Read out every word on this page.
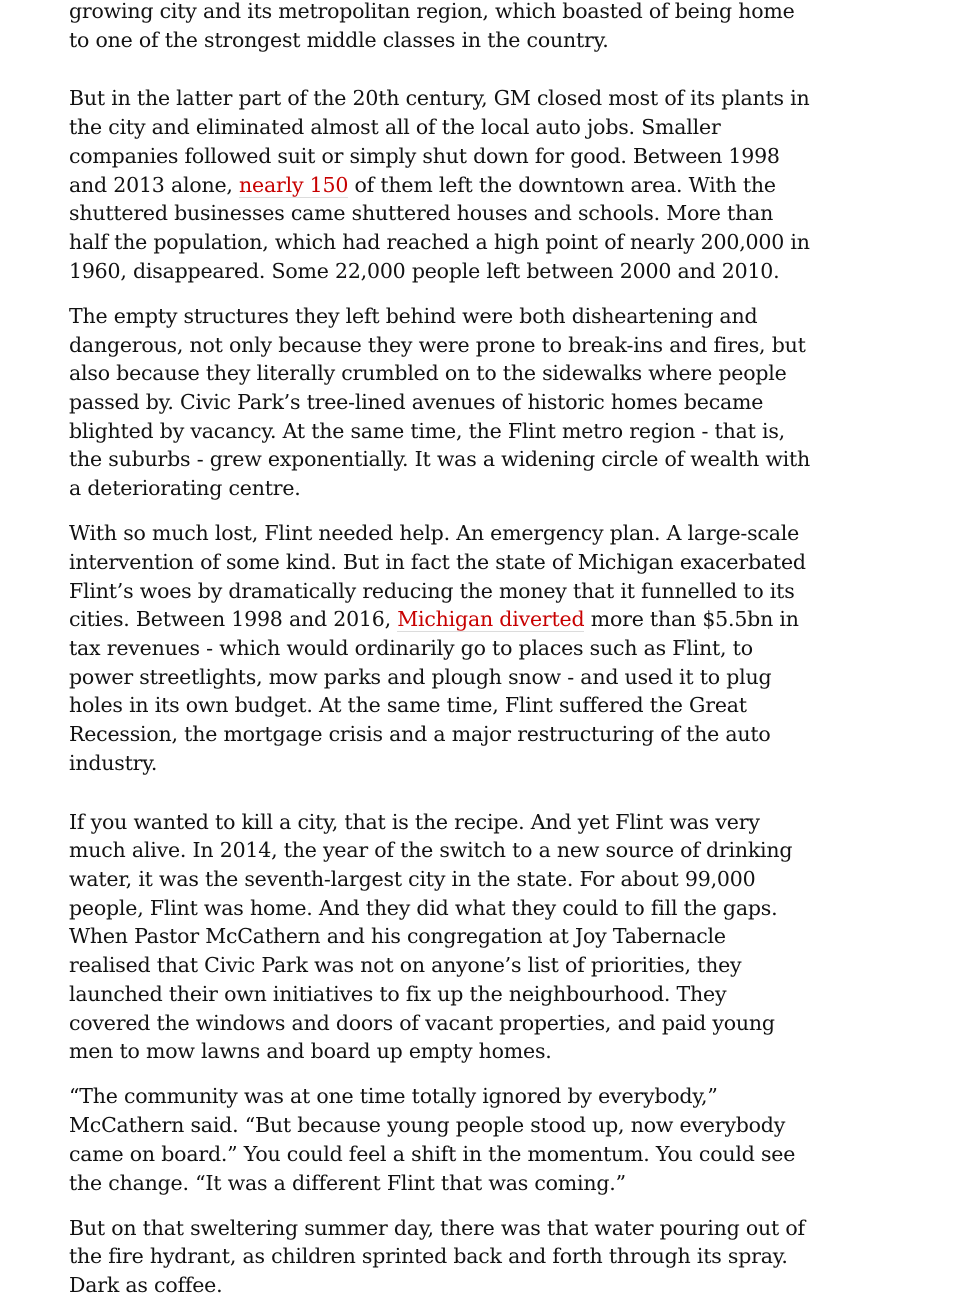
growing city and its metropolitan region, which boasted of being home to one of the strongest middle classes in the country.

But in the latter part of the 20th century, GM closed most of its plants in the city and eliminated almost all of the local auto jobs. Smaller companies followed suit or simply shut down for good. Between 1998 and 2013 alone, nearly 150 of them left the downtown area. With the shuttered businesses came shuttered houses and schools. More than half the population, which had reached a high point of nearly 200,000 in 1960, disappeared. Some 22,000 people left between 2000 and 2010.

The empty structures they left behind were both disheartening and dangerous, not only because they were prone to break-ins and fires, but also because they literally crumbled on to the sidewalks where people passed by. Civic Park’s tree-lined avenues of historic homes became blighted by vacancy. At the same time, the Flint metro region - that is, the suburbs - grew exponentially. It was a widening circle of wealth with a deteriorating centre.

With so much lost, Flint needed help. An emergency plan. A large-scale intervention of some kind. But in fact the state of Michigan exacerbated Flint’s woes by dramatically reducing the money that it funnelled to its cities. Between 1998 and 2016, Michigan diverted more than $5.5bn in tax revenues - which would ordinarily go to places such as Flint, to power streetlights, mow parks and plough snow - and used it to plug holes in its own budget. At the same time, Flint suffered the Great Recession, the mortgage crisis and a major restructuring of the auto industry.

If you wanted to kill a city, that is the recipe. And yet Flint was very much alive. In 2014, the year of the switch to a new source of drinking water, it was the seventh-largest city in the state. For about 99,000 people, Flint was home. And they did what they could to fill the gaps. When Pastor McCathern and his congregation at Joy Tabernacle realised that Civic Park was not on anyone’s list of priorities, they launched their own initiatives to fix up the neighbourhood. They covered the windows and doors of vacant properties, and paid young men to mow lawns and board up empty homes.

“The community was at one time totally ignored by everybody,” McCathern said. “But because young people stood up, now everybody came on board.” You could feel a shift in the momentum. You could see the change. “It was a different Flint that was coming.”

But on that sweltering summer day, there was that water pouring out of the fire hydrant, as children sprinted back and forth through its spray. Dark as coffee.
